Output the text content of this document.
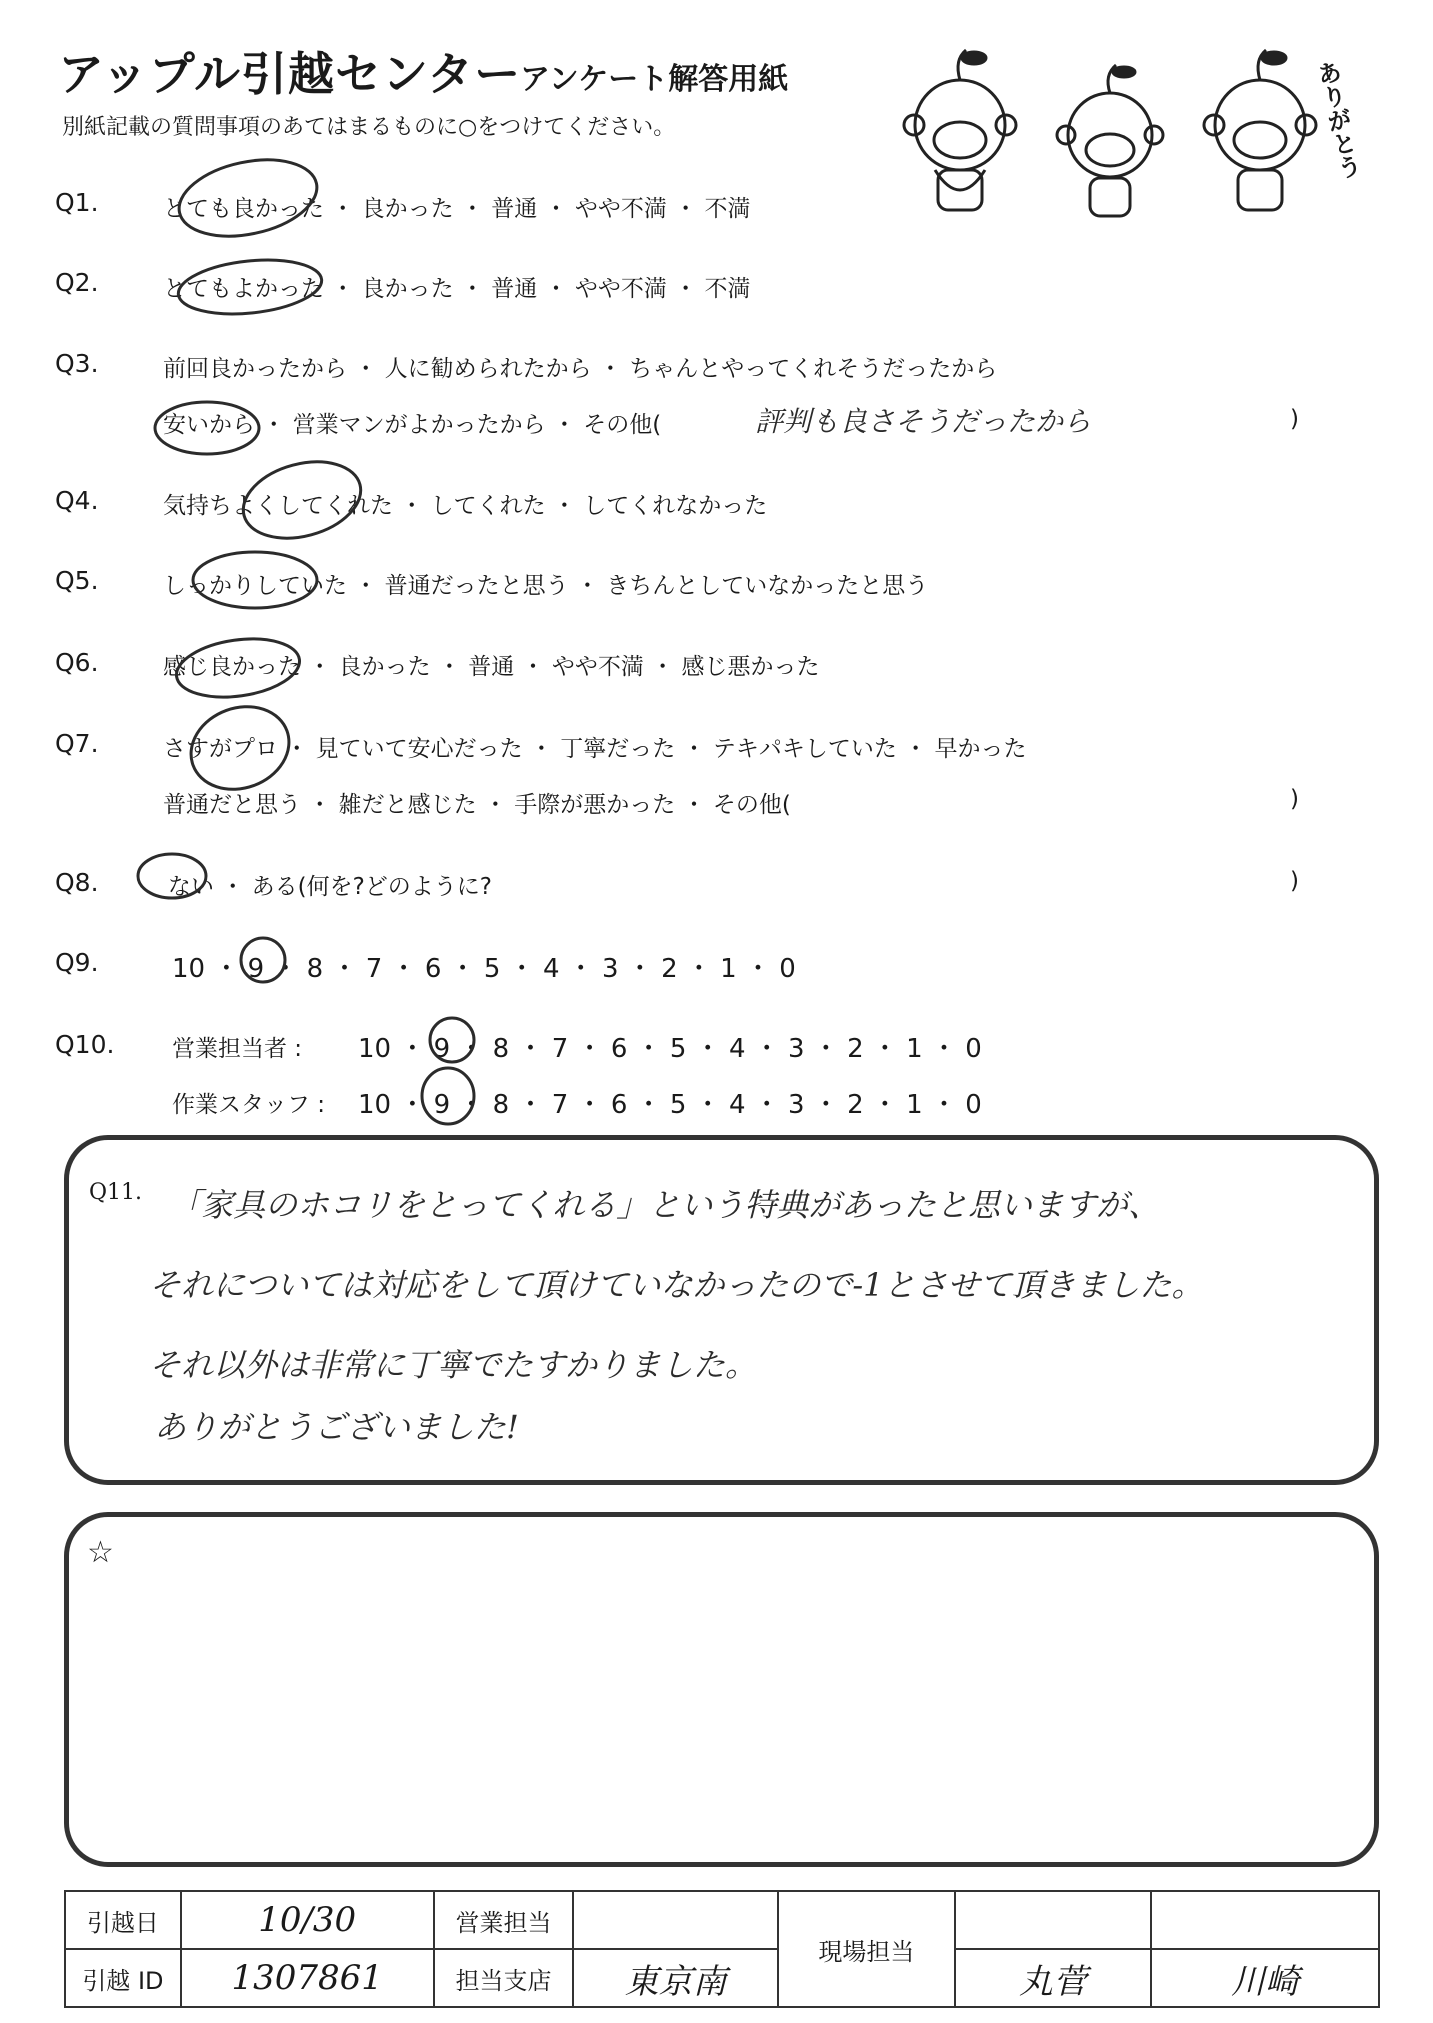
アップル引越センター
アンケート解答用紙
別紙記載の質問事項のあてはまるものに○をつけてください。	ありがとう
Q1.	とても良かった ・ 良かった ・ 普通 ・ やや不満 ・ 不満
Q2.	とてもよかった ・ 良かった ・ 普通 ・ やや不満 ・ 不満
Q3.	前回良かったから ・ 人に勧められたから ・ ちゃんとやってくれそうだったから
安いから ・ 営業マンがよかったから ・ その他(	評判も良さそうだったから	)
Q4.	気持ちよくしてくれた ・ してくれた ・ してくれなかった
Q5.	しっかりしていた ・ 普通だったと思う ・ きちんとしていなかったと思う
Q6.	感じ良かった ・ 良かった ・ 普通 ・ やや不満 ・ 感じ悪かった
Q7.	さすがプロ ・ 見ていて安心だった ・ 丁寧だった ・ テキパキしていた ・ 早かった
普通だと思う ・ 雑だと感じた ・ 手際が悪かった ・ その他(	)
Q8.	ない ・ ある(何を?どのように?	)
Q9.	10 ・ 9 ・ 8 ・ 7 ・ 6 ・ 5 ・ 4 ・ 3 ・ 2 ・ 1 ・ 0
Q10.	営業担当者 : 10 ・ 9 ・ 8 ・ 7 ・ 6 ・ 5 ・ 4 ・ 3 ・ 2 ・ 1 ・ 0
作業スタッフ : 10 ・ 9 ・ 8 ・ 7 ・ 6 ・ 5 ・ 4 ・ 3 ・ 2 ・ 1 ・ 0
Q11. 「家具のホコリをとってくれる」という特典があったと思いますが、
それについては対応をして頂けていなかったので-1とさせて頂きました。
それ以外は非常に丁寧でたすかりました。
ありがとうございました!
☆
引越日	10/30	営業担当		現場担当		
引越 ID	1307861	担当支店	東京南		丸菅	川崎
